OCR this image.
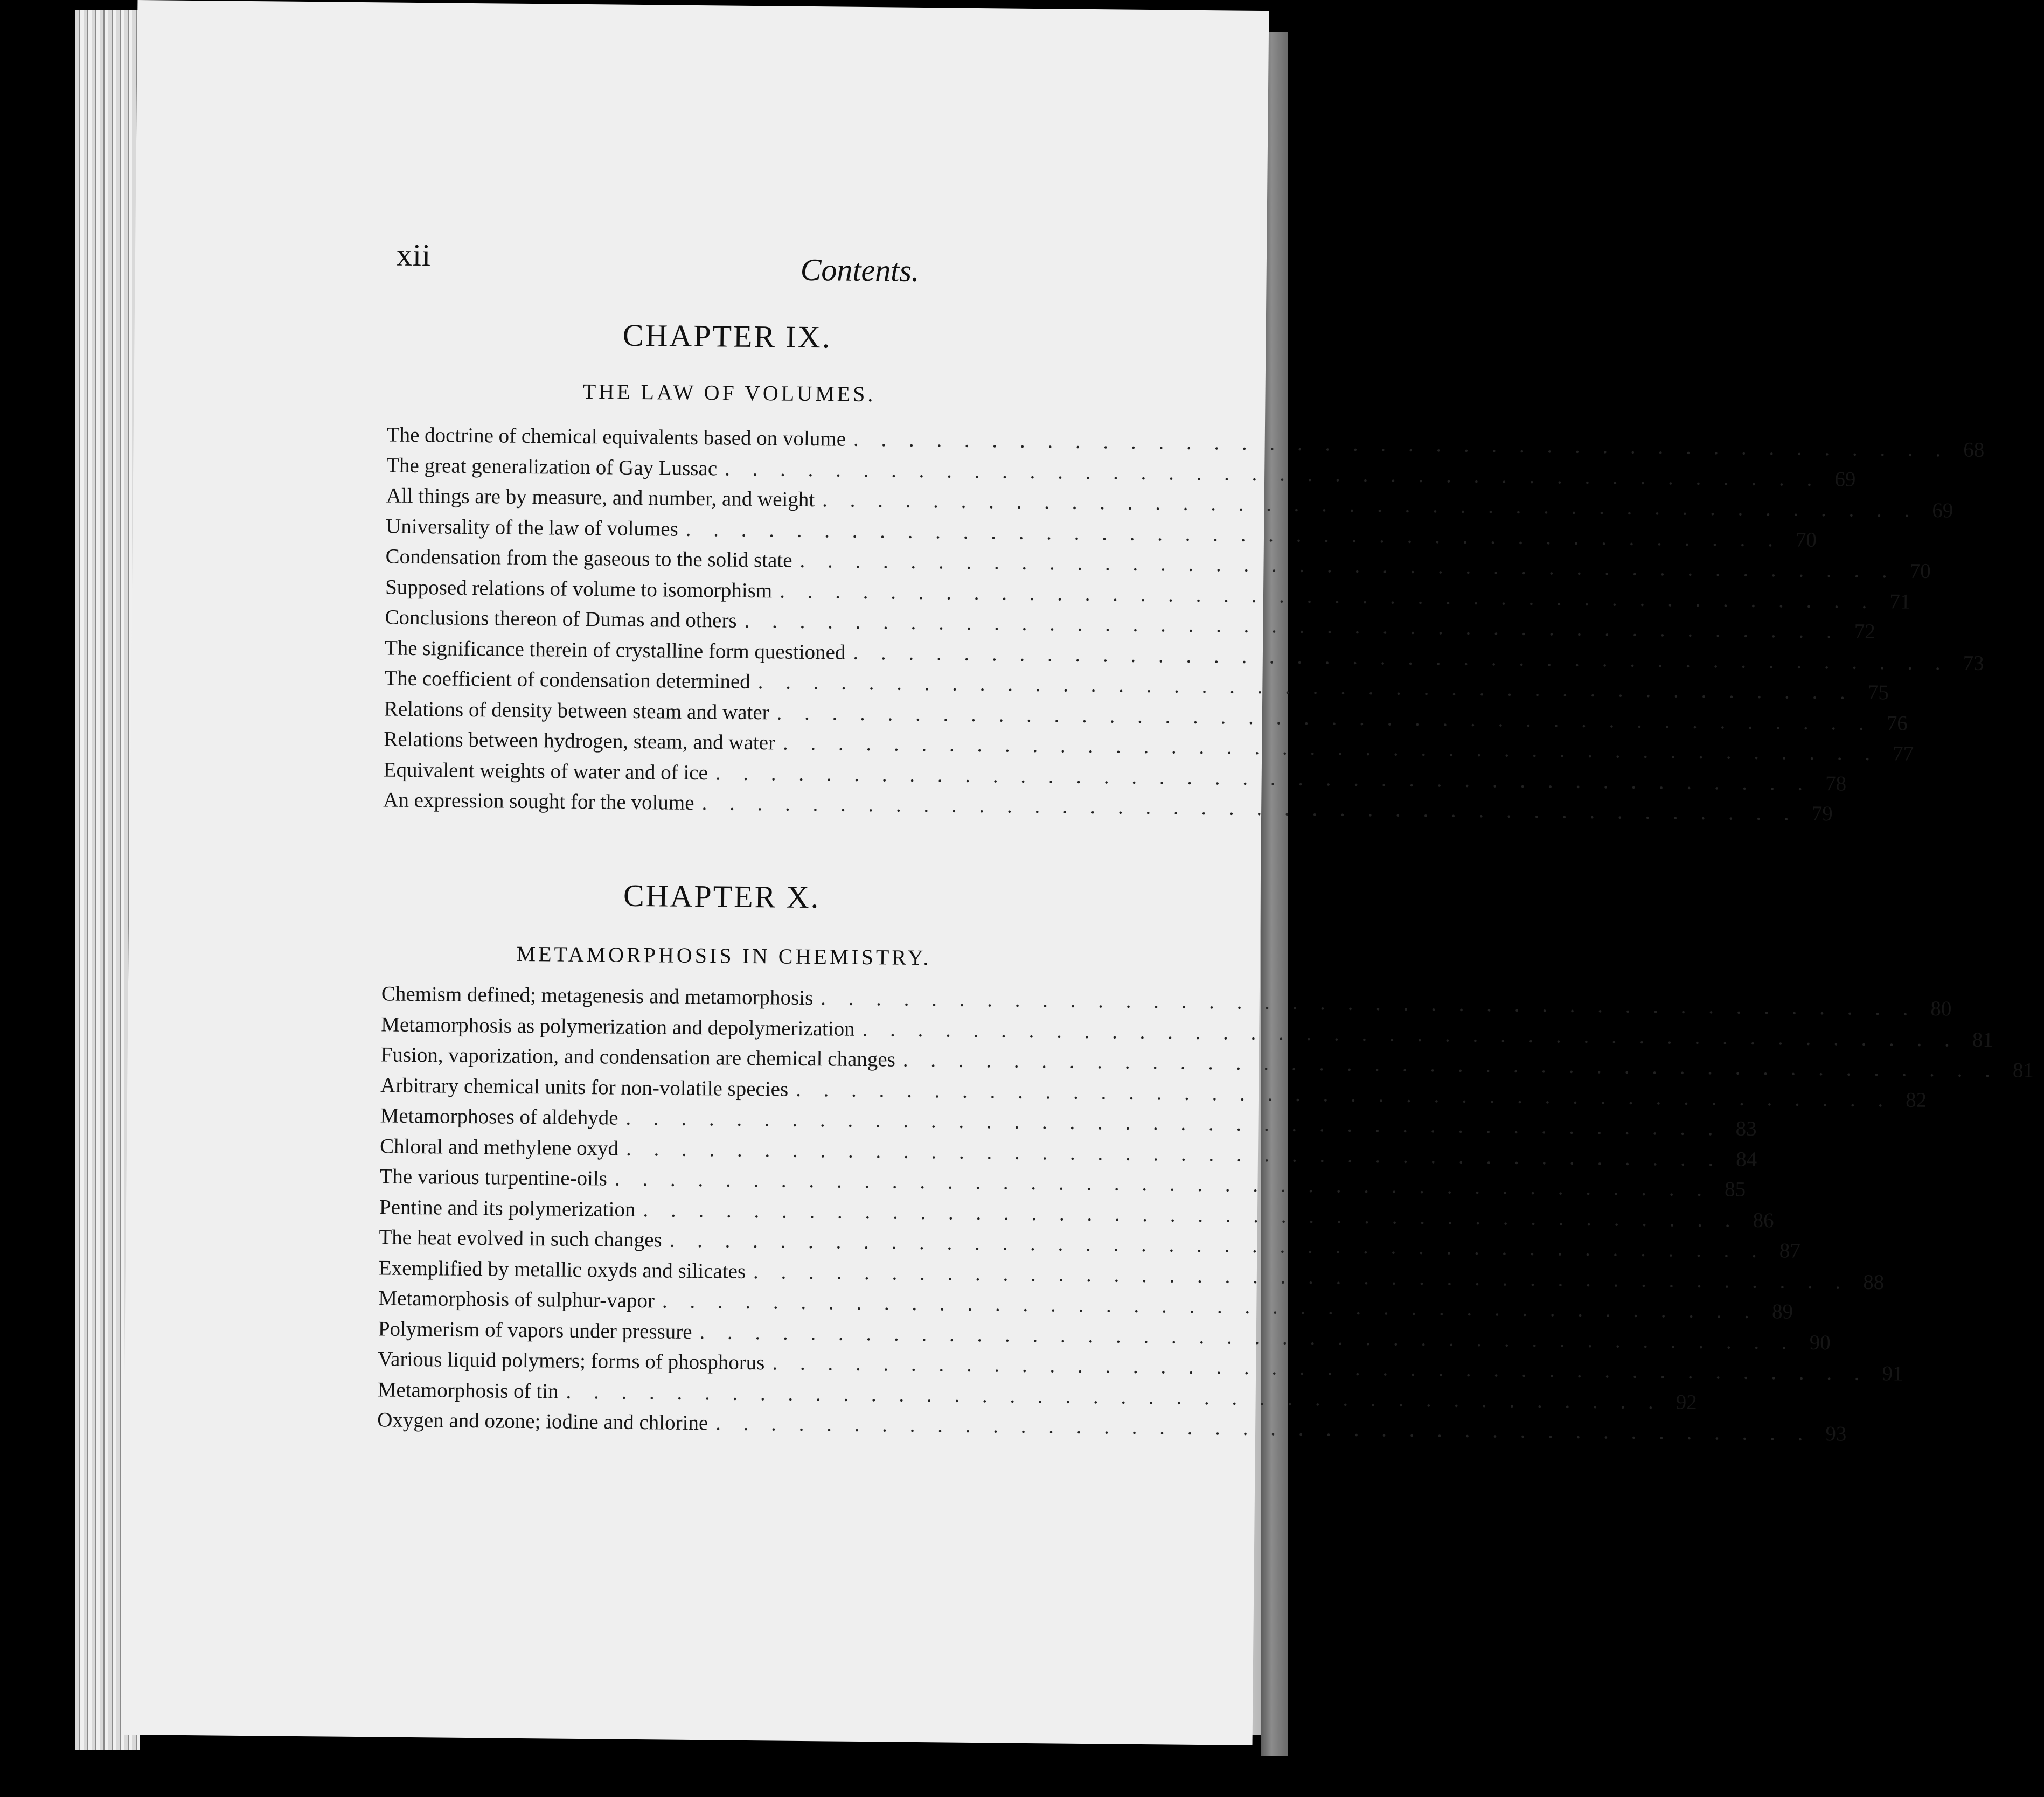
xii	Contents.
CHAPTER IX.
THE LAW OF VOLUMES.
The doctrine of chemical equivalents based on volume . . . . . . . . . . . . . . . . . . . . . . . . . . . . . . . . . . . . . . . . 68
The great generalization of Gay Lussac . . . . . . . . . . . . . . . . . . . . . . . . . . . . . . . . . . . . . . . . 69
All things are by measure, and number, and weight . . . . . . . . . . . . . . . . . . . . . . . . . . . . . . . . . . . . . . . . 69
Universality of the law of volumes . . . . . . . . . . . . . . . . . . . . . . . . . . . . . . . . . . . . . . . . 70
Condensation from the gaseous to the solid state . . . . . . . . . . . . . . . . . . . . . . . . . . . . . . . . . . . . . . . . 70
Supposed relations of volume to isomorphism . . . . . . . . . . . . . . . . . . . . . . . . . . . . . . . . . . . . . . . . 71
Conclusions thereon of Dumas and others . . . . . . . . . . . . . . . . . . . . . . . . . . . . . . . . . . . . . . . . 72
The significance therein of crystalline form questioned . . . . . . . . . . . . . . . . . . . . . . . . . . . . . . . . . . . . . . . . 73
The coefficient of condensation determined . . . . . . . . . . . . . . . . . . . . . . . . . . . . . . . . . . . . . . . . 75
Relations of density between steam and water . . . . . . . . . . . . . . . . . . . . . . . . . . . . . . . . . . . . . . . . 76
Relations between hydrogen, steam, and water . . . . . . . . . . . . . . . . . . . . . . . . . . . . . . . . . . . . . . . . 77
Equivalent weights of water and of ice . . . . . . . . . . . . . . . . . . . . . . . . . . . . . . . . . . . . . . . . 78
An expression sought for the volume . . . . . . . . . . . . . . . . . . . . . . . . . . . . . . . . . . . . . . . . 79
CHAPTER X.
METAMORPHOSIS IN CHEMISTRY.
Chemism defined; metagenesis and metamorphosis . . . . . . . . . . . . . . . . . . . . . . . . . . . . . . . . . . . . . . . . 80
Metamorphosis as polymerization and depolymerization . . . . . . . . . . . . . . . . . . . . . . . . . . . . . . . . . . . . . . . . 81
Fusion, vaporization, and condensation are chemical changes . . . . . . . . . . . . . . . . . . . . . . . . . . . . . . . . . . . . . . . . 81
Arbitrary chemical units for non-volatile species . . . . . . . . . . . . . . . . . . . . . . . . . . . . . . . . . . . . . . . . 82
Metamorphoses of aldehyde . . . . . . . . . . . . . . . . . . . . . . . . . . . . . . . . . . . . . . . . 83
Chloral and methylene oxyd . . . . . . . . . . . . . . . . . . . . . . . . . . . . . . . . . . . . . . . . 84
The various turpentine-oils . . . . . . . . . . . . . . . . . . . . . . . . . . . . . . . . . . . . . . . . 85
Pentine and its polymerization . . . . . . . . . . . . . . . . . . . . . . . . . . . . . . . . . . . . . . . . 86
The heat evolved in such changes . . . . . . . . . . . . . . . . . . . . . . . . . . . . . . . . . . . . . . . . 87
Exemplified by metallic oxyds and silicates . . . . . . . . . . . . . . . . . . . . . . . . . . . . . . . . . . . . . . . . 88
Metamorphosis of sulphur-vapor . . . . . . . . . . . . . . . . . . . . . . . . . . . . . . . . . . . . . . . . 89
Polymerism of vapors under pressure . . . . . . . . . . . . . . . . . . . . . . . . . . . . . . . . . . . . . . . . 90
Various liquid polymers; forms of phosphorus . . . . . . . . . . . . . . . . . . . . . . . . . . . . . . . . . . . . . . . . 91
Metamorphosis of tin . . . . . . . . . . . . . . . . . . . . . . . . . . . . . . . . . . . . . . . . 92
Oxygen and ozone; iodine and chlorine . . . . . . . . . . . . . . . . . . . . . . . . . . . . . . . . . . . . . . . . 93
